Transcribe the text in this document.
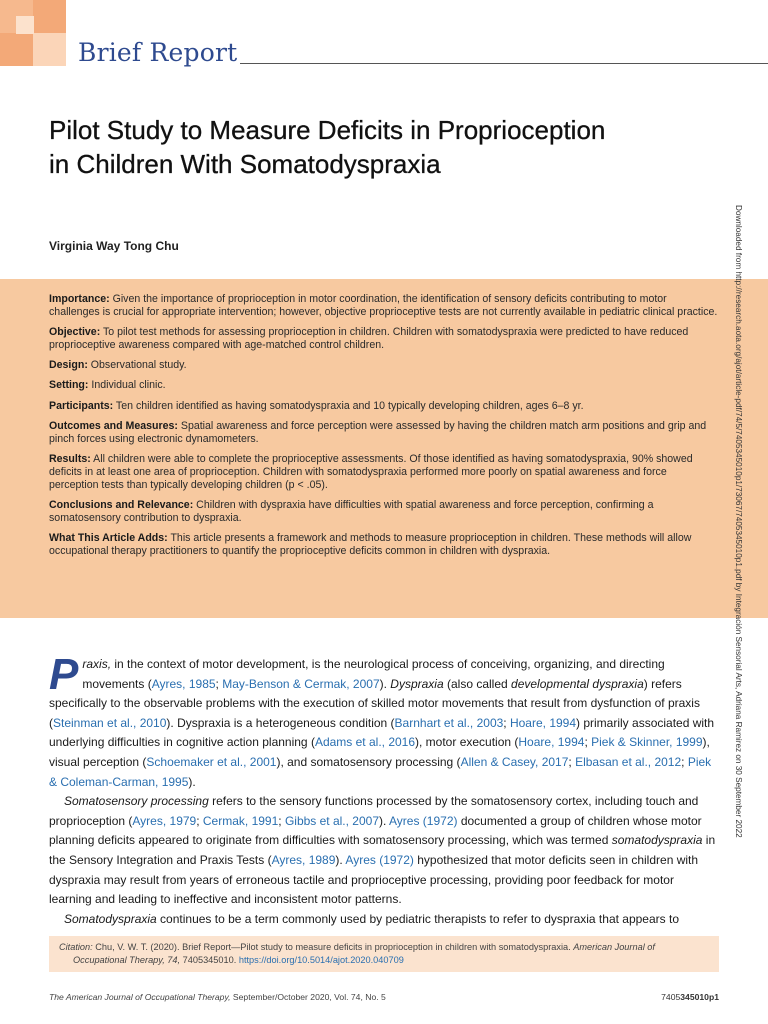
Brief Report
Pilot Study to Measure Deficits in Proprioception in Children With Somatodyspraxia
Virginia Way Tong Chu

Importance: Given the importance of proprioception in motor coordination, the identification of sensory deficits contributing to motor challenges is crucial for appropriate intervention; however, objective proprioceptive tests are not currently available in pediatric clinical practice.

Objective: To pilot test methods for assessing proprioception in children. Children with somatodyspraxia were predicted to have reduced proprioceptive awareness compared with age-matched control children.

Design: Observational study.

Setting: Individual clinic.

Participants: Ten children identified as having somatodyspraxia and 10 typically developing children, ages 6–8 yr.

Outcomes and Measures: Spatial awareness and force perception were assessed by having the children match arm positions and grip and pinch forces using electronic dynamometers.

Results: All children were able to complete the proprioceptive assessments. Of those identified as having somatodyspraxia, 90% showed deficits in at least one area of proprioception. Children with somatodyspraxia performed more poorly on spatial awareness and force perception tests than typically developing children (p < .05).

Conclusions and Relevance: Children with dyspraxia have difficulties with spatial awareness and force perception, confirming a somatosensory contribution to dyspraxia.

What This Article Adds: This article presents a framework and methods to measure proprioception in children. These methods will allow occupational therapy practitioners to quantify the proprioceptive deficits common in children with dyspraxia.	Downloaded from http://research.aota.org/ajot/article-pdf/74/5/7405345010p1/73067/7405345010p1.pdf by Integración Sensorial Arts, Adriana Ramirez on 30 September 2022

Praxis, in the context of motor development, is the neurological process of conceiving, organizing, and directing movements (Ayres, 1985; May-Benson & Cermak, 2007). Dyspraxia (also called developmental dyspraxia) refers specifically to the observable problems with the execution of skilled motor movements that result from dysfunction of praxis (Steinman et al., 2010). Dyspraxia is a heterogeneous condition (Barnhart et al., 2003; Hoare, 1994) primarily associated with underlying difficulties in cognitive action planning (Adams et al., 2016), motor execution (Hoare, 1994; Piek & Skinner, 1999), visual perception (Schoemaker et al., 2001), and somatosensory processing (Allen & Casey, 2017; Elbasan et al., 2012; Piek & Coleman-Carman, 1995).

Somatosensory processing refers to the sensory functions processed by the somatosensory cortex, including touch and proprioception (Ayres, 1979; Cermak, 1991; Gibbs et al., 2007). Ayres (1972) documented a group of children whose motor planning deficits appeared to originate from difficulties with somatosensory processing, which was termed somatodyspraxia in the Sensory Integration and Praxis Tests (Ayres, 1989). Ayres (1972) hypothesized that motor deficits seen in children with dyspraxia may result from years of erroneous tactile and proprioceptive processing, providing poor feedback for motor learning and leading to ineffective and inconsistent motor patterns.

Somatodyspraxia continues to be a term commonly used by pediatric therapists to refer to dyspraxia that appears to

Citation: Chu, V. W. T. (2020). Brief Report—Pilot study to measure deficits in proprioception in children with somatodyspraxia. American Journal of
Occupational Therapy, 74, 7405345010. https://doi.org/10.5014/ajot.2020.040709
The American Journal of Occupational Therapy, September/October 2020, Vol. 74, No. 5	7405345010p1
